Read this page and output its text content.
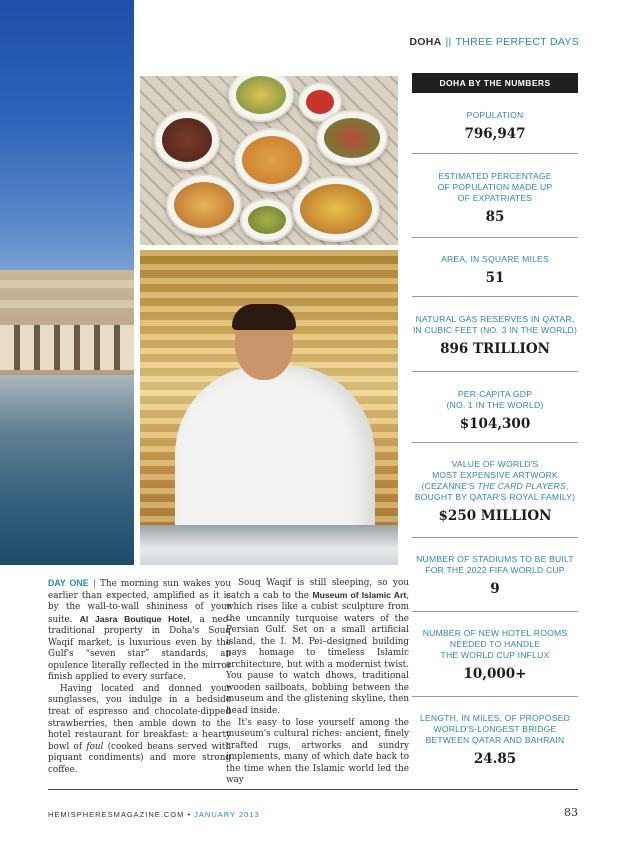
DOHA || THREE PERFECT DAYS
DOHA BY THE NUMBERS
POPULATION
796,947
ESTIMATED PERCENTAGE
OF POPULATION MADE UP
OF EXPATRIATES
85
AREA, IN SQUARE MILES
51
NATURAL GAS RESERVES IN QATAR,
IN CUBIC FEET (NO. 3 IN THE WORLD)
896 TRILLION
PER-CAPITA GDP
(NO. 1 IN THE WORLD)
$104,300
VALUE OF WORLD'S
MOST EXPENSIVE ARTWORK
(CEZANNE'S THE CARD PLAYERS,
BOUGHT BY QATAR'S ROYAL FAMILY)
$250 MILLION
NUMBER OF STADIUMS TO BE BUILT
FOR THE 2022 FIFA WORLD CUP
9
NUMBER OF NEW HOTEL ROOMS
NEEDED TO HANDLE
THE WORLD CUP INFLUX
10,000+
LENGTH, IN MILES, OF PROPOSED
WORLD'S-LONGEST BRIDGE
BETWEEN QATAR AND BAHRAIN
24.85

DAY ONE | The morning sun wakes you earlier than expected, amplified as it is by the wall-to-wall shininess of your suite. Al Jasra Boutique Hotel, a neo-traditional property in Doha's Souq Waqif market, is luxurious even by the Gulf's “seven star” standards, an opulence literally reflected in the mirror finish applied to every surface.

Having located and donned your sunglasses, you indulge in a bedside treat of espresso and chocolate-dipped strawberries, then amble down to the hotel restaurant for breakfast: a hearty bowl of foul (cooked beans served with piquant condiments) and more strong coffee.

Souq Waqif is still sleeping, so you catch a cab to the Museum of Islamic Art, which rises like a cubist sculpture from the uncannily turquoise waters of the Persian Gulf. Set on a small artificial island, the I. M. Pei–designed building pays homage to timeless Islamic architecture, but with a modernist twist. You pause to watch dhows, traditional wooden sailboats, bobbing between the museum and the glistening skyline, then head inside.

It's easy to lose yourself among the museum's cultural riches: ancient, finely crafted rugs, artworks and sundry implements, many of which date back to the time when the Islamic world led the way

HEMISPHERESMAGAZINE.COM • JANUARY 2013	83
